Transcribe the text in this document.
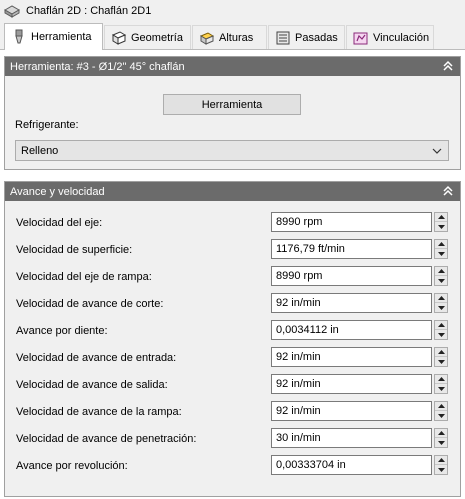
Chaflán 2D : Chaflán 2D1
Herramienta	Geometría	Alturas	Pasadas	Vinculación
Herramienta: #3 - Ø1/2" 45° chaflán
Herramienta
Refrigerante:
Relleno
Avance y velocidad
Velocidad del eje:	8990 rpm
Velocidad de superficie:	1176,79 ft/min
Velocidad del eje de rampa:	8990 rpm
Velocidad de avance de corte:	92 in/min
Avance por diente:	0,0034112 in
Velocidad de avance de entrada:	92 in/min
Velocidad de avance de salida:	92 in/min
Velocidad de avance de la rampa:	92 in/min
Velocidad de avance de penetración:	30 in/min
Avance por revolución:	0,00333704 in
